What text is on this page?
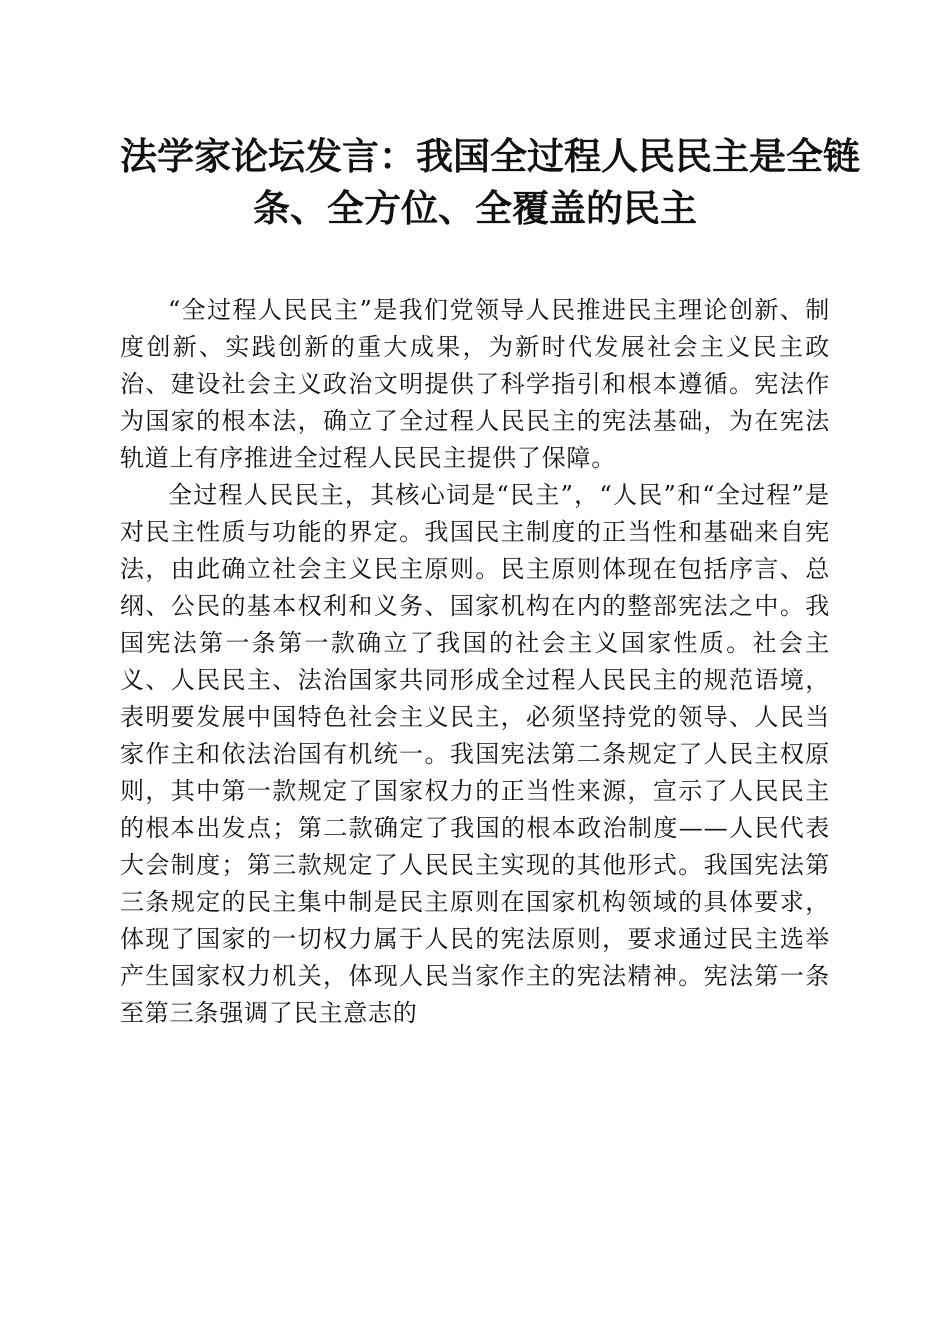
法学家论坛发言：我国全过程人民民主是全链
条、全方位、全覆盖的民主

“全过程人民民主”是我们党领导人民推进民主理论创新、制度创新、实践创新的重大成果，为新时代发展社会主义民主政治、建设社会主义政治文明提供了科学指引和根本遵循。宪法作为国家的根本法，确立了全过程人民民主的宪法基础，为在宪法轨道上有序推进全过程人民民主提供了保障。

全过程人民民主，其核心词是“民主”，“人民”和“全过程”是对民主性质与功能的界定。我国民主制度的正当性和基础来自宪法，由此确立社会主义民主原则。民主原则体现在包括序言、总纲、公民的基本权利和义务、国家机构在内的整部宪法之中。我国宪法第一条第一款确立了我国的社会主义国家性质。社会主义、人民民主、法治国家共同形成全过程人民民主的规范语境，表明要发展中国特色社会主义民主，必须坚持党的领导、人民当家作主和依法治国有机统一。我国宪法第二条规定了人民主权原则，其中第一款规定了国家权力的正当性来源，宣示了人民民主的根本出发点；第二款确定了我国的根本政治制度——人民代表大会制度；第三款规定了人民民主实现的其他形式。我国宪法第三条规定的民主集中制是民主原则在国家机构领域的具体要求，体现了国家的一切权力属于人民的宪法原则，要求通过民主选举产生国家权力机关，体现人民当家作主的宪法精神。宪法第一条至第三条强调了民主意志的
